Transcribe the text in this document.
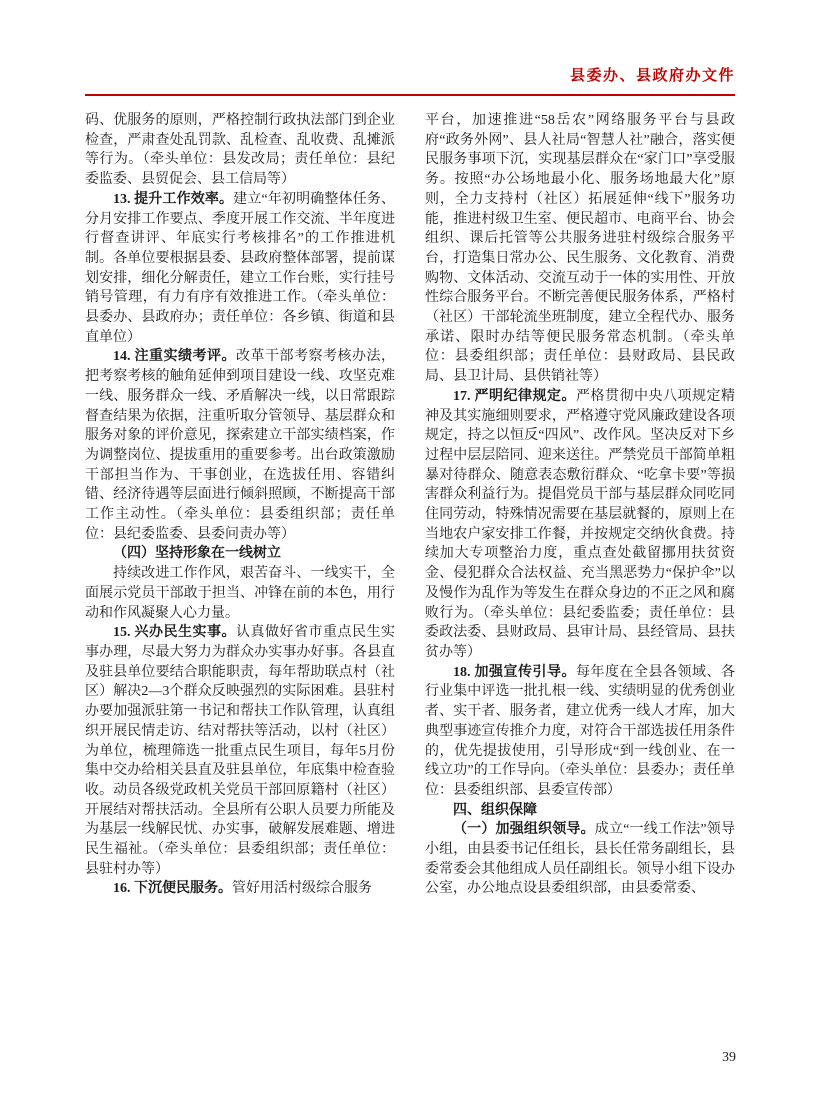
县委办、县政府办文件

码、优服务的原则，严格控制行政执法部门到企业检查，严肃查处乱罚款、乱检查、乱收费、乱摊派等行为。（牵头单位：县发改局；责任单位：县纪委监委、县贸促会、县工信局等）

13. 提升工作效率。建立“年初明确整体任务、分月安排工作要点、季度开展工作交流、半年度进行督查讲评、年底实行考核排名”的工作推进机制。各单位要根据县委、县政府整体部署，提前谋划安排，细化分解责任，建立工作台账，实行挂号销号管理，有力有序有效推进工作。（牵头单位：县委办、县政府办；责任单位：各乡镇、街道和县直单位）

14. 注重实绩考评。改革干部考察考核办法，把考察考核的触角延伸到项目建设一线、攻坚克难一线、服务群众一线、矛盾解决一线，以日常跟踪督查结果为依据，注重听取分管领导、基层群众和服务对象的评价意见，探索建立干部实绩档案，作为调整岗位、提拔重用的重要参考。出台政策激励干部担当作为、干事创业，在选拔任用、容错纠错、经济待遇等层面进行倾斜照顾，不断提高干部工作主动性。（牵头单位：县委组织部；责任单位：县纪委监委、县委问责办等）

（四）坚持形象在一线树立

持续改进工作作风，艰苦奋斗、一线实干，全面展示党员干部敢于担当、冲锋在前的本色，用行动和作风凝聚人心力量。

15. 兴办民生实事。认真做好省市重点民生实事办理，尽最大努力为群众办实事办好事。各县直及驻县单位要结合职能职责，每年帮助联点村（社区）解决2—3个群众反映强烈的实际困难。县驻村办要加强派驻第一书记和帮扶工作队管理，认真组织开展民情走访、结对帮扶等活动，以村（社区）为单位，梳理筛选一批重点民生项目，每年5月份集中交办给相关县直及驻县单位，年底集中检查验收。动员各级党政机关党员干部回原籍村（社区）开展结对帮扶活动。全县所有公职人员要力所能及为基层一线解民忧、办实事，破解发展难题、增进民生福祉。（牵头单位：县委组织部；责任单位：县驻村办等）

16. 下沉便民服务。管好用活村级综合服务

平台，加速推进“58岳农”网络服务平台与县政府“政务外网”、县人社局“智慧人社”融合，落实便民服务事项下沉，实现基层群众在“家门口”享受服务。按照“办公场地最小化、服务场地最大化”原则，全力支持村（社区）拓展延伸“线下”服务功能，推进村级卫生室、便民超市、电商平台、协会组织、课后托管等公共服务进驻村级综合服务平台，打造集日常办公、民生服务、文化教育、消费购物、文体活动、交流互动于一体的实用性、开放性综合服务平台。不断完善便民服务体系，严格村（社区）干部轮流坐班制度，建立全程代办、服务承诺、限时办结等便民服务常态机制。（牵头单位：县委组织部；责任单位：县财政局、县民政局、县卫计局、县供销社等）

17. 严明纪律规定。严格贯彻中央八项规定精神及其实施细则要求，严格遵守党风廉政建设各项规定，持之以恒反“四风”、改作风。坚决反对下乡过程中层层陪同、迎来送往。严禁党员干部简单粗暴对待群众、随意表态敷衍群众、“吃拿卡要”等损害群众利益行为。提倡党员干部与基层群众同吃同住同劳动，特殊情况需要在基层就餐的，原则上在当地农户家安排工作餐，并按规定交纳伙食费。持续加大专项整治力度，重点查处截留挪用扶贫资金、侵犯群众合法权益、充当黑恶势力“保护伞”以及慢作为乱作为等发生在群众身边的不正之风和腐败行为。（牵头单位：县纪委监委；责任单位：县委政法委、县财政局、县审计局、县经管局、县扶贫办等）

18. 加强宣传引导。每年度在全县各领域、各行业集中评选一批扎根一线、实绩明显的优秀创业者、实干者、服务者，建立优秀一线人才库，加大典型事迹宣传推介力度，对符合干部选拔任用条件的，优先提拔使用，引导形成“到一线创业、在一线立功”的工作导向。（牵头单位：县委办；责任单位：县委组织部、县委宣传部）

四、组织保障

（一）加强组织领导。成立“一线工作法”领导小组，由县委书记任组长，县长任常务副组长，县委常委会其他组成人员任副组长。领导小组下设办公室，办公地点设县委组织部，由县委常委、

39
